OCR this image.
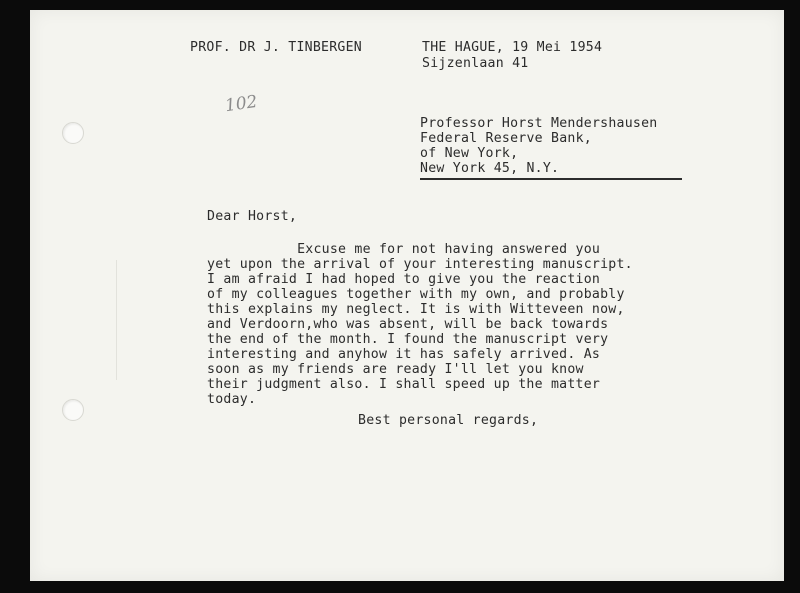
PROF. DR J. TINBERGEN	THE HAGUE, 19 Mei 1954
Sijzenlaan 41
102
Professor Horst Mendershausen
Federal Reserve Bank,
of New York,
New York 45, N.Y.
Dear Horst,
Excuse me for not having answered you
yet upon the arrival of your interesting manuscript.
I am afraid I had hoped to give you the reaction
of my colleagues together with my own, and probably
this explains my neglect. It is with Witteveen now,
and Verdoorn,who was absent, will be back towards
the end of the month. I found the manuscript very
interesting and anyhow it has safely arrived. As
soon as my friends are ready I'll let you know
their judgment also. I shall speed up the matter
today.
Best personal regards,
